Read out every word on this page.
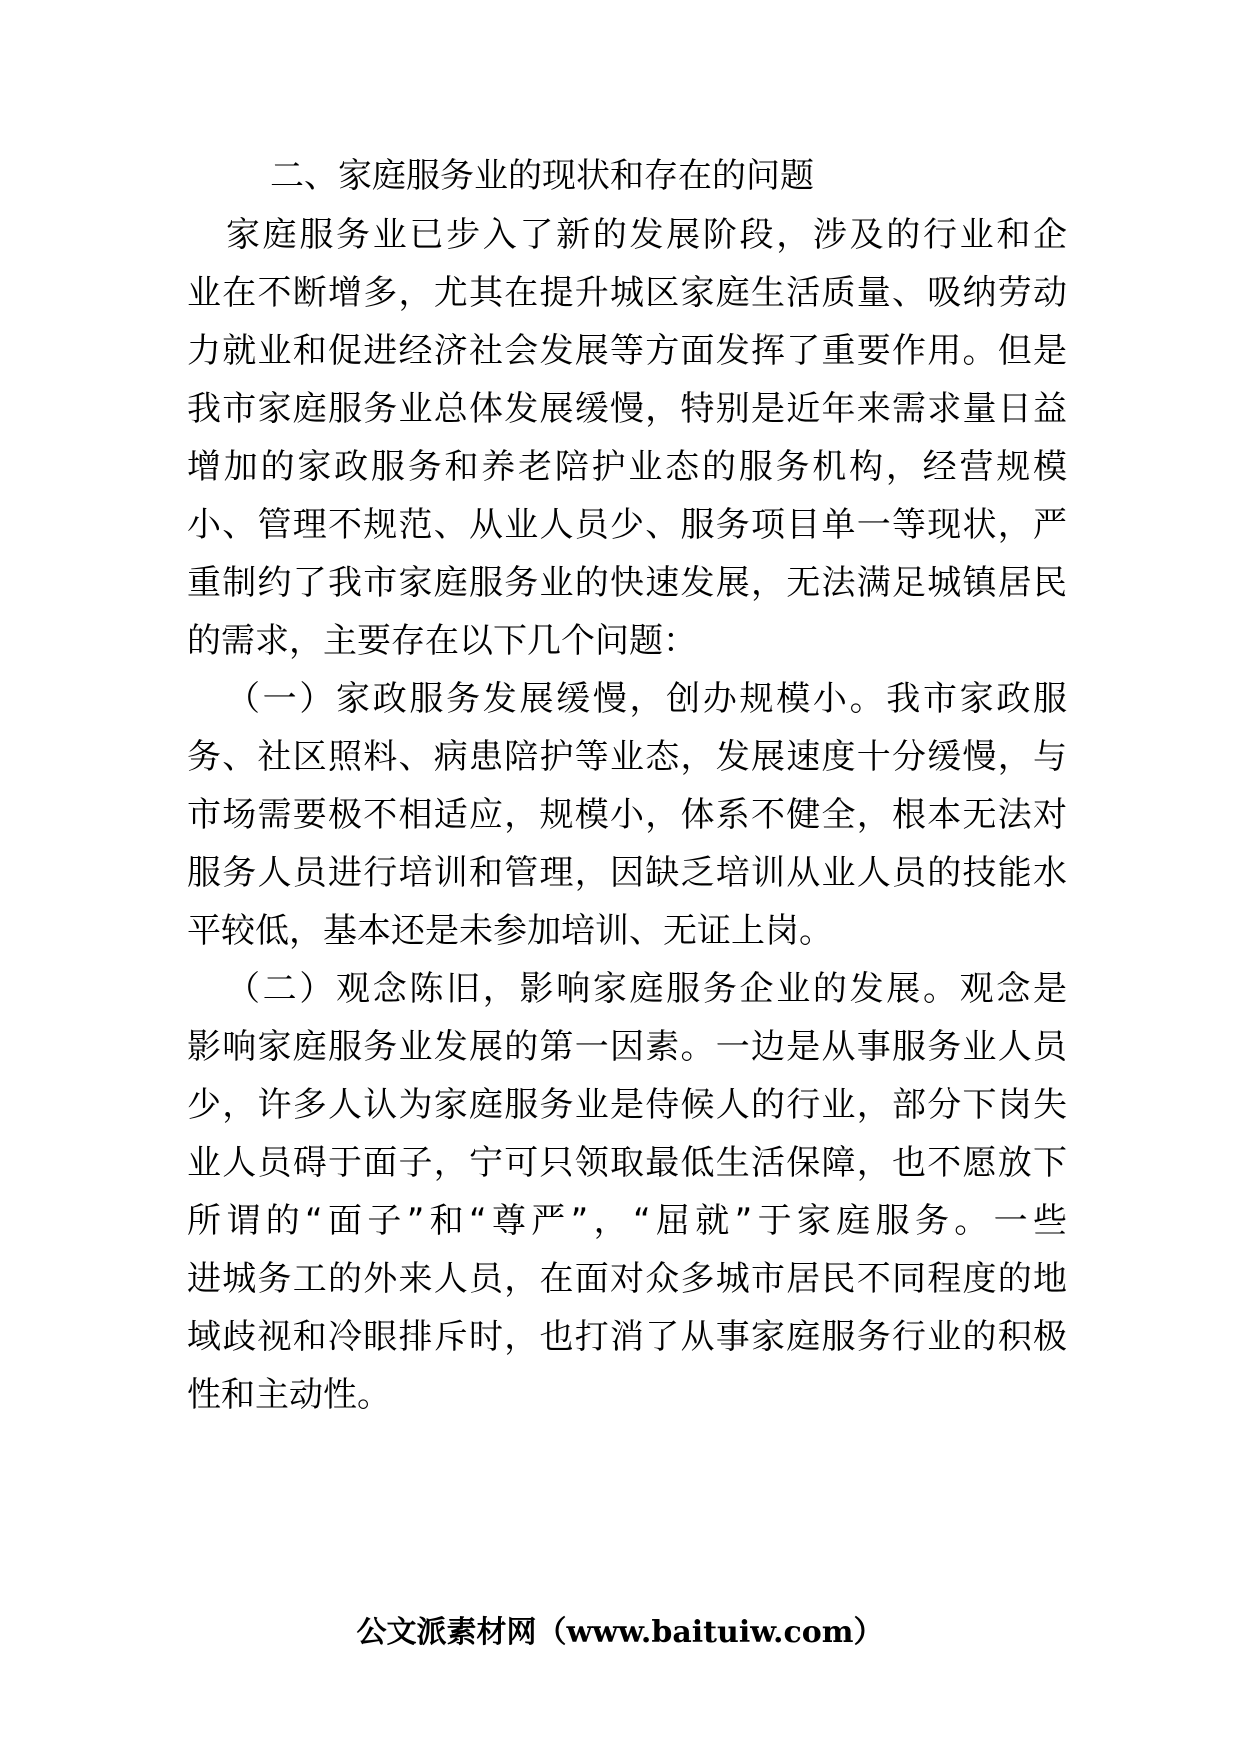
二、家庭服务业的现状和存在的问题
家庭服务业已步入了新的发展阶段，涉及的行业和企
业在不断增多，尤其在提升城区家庭生活质量、吸纳劳动
力就业和促进经济社会发展等方面发挥了重要作用。但是
我市家庭服务业总体发展缓慢，特别是近年来需求量日益
增加的家政服务和养老陪护业态的服务机构，经营规模
小、管理不规范、从业人员少、服务项目单一等现状，严
重制约了我市家庭服务业的快速发展，无法满足城镇居民
的需求，主要存在以下几个问题：
（一）家政服务发展缓慢，创办规模小。我市家政服
务、社区照料、病患陪护等业态，发展速度十分缓慢，与
市场需要极不相适应，规模小，体系不健全，根本无法对
服务人员进行培训和管理，因缺乏培训从业人员的技能水
平较低，基本还是未参加培训、无证上岗。
（二）观念陈旧，影响家庭服务企业的发展。观念是
影响家庭服务业发展的第一因素。一边是从事服务业人员
少，许多人认为家庭服务业是侍候人的行业，部分下岗失
业人员碍于面子，宁可只领取最低生活保障，也不愿放下
所谓的“面子”和“尊严”，“屈就”于家庭服务。一些
进城务工的外来人员，在面对众多城市居民不同程度的地
域歧视和冷眼排斥时，也打消了从事家庭服务行业的积极
性和主动性。
公文派素材网（www.baituiw.com）
